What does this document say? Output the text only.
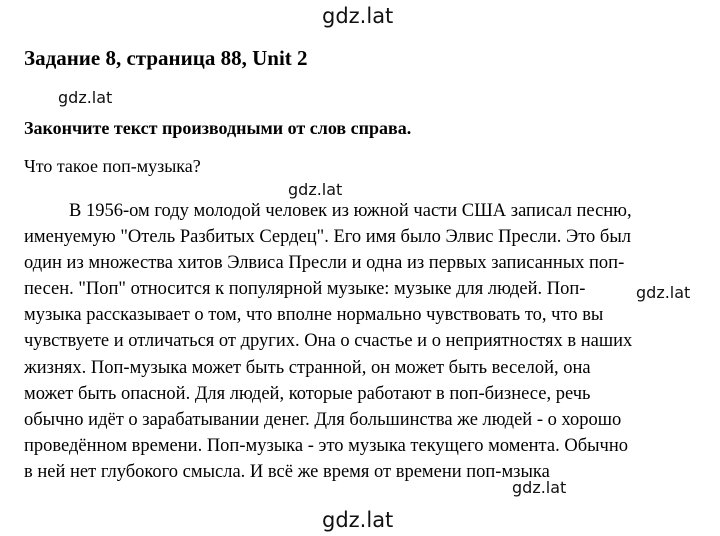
gdz.lat
Задание 8, страница 88, Unit 2
gdz.lat
Закончите текст производными от слов справа.
Что такое поп-музыка?
gdz.lat
В 1956-ом году молодой человек из южной части США записал песню,
именуемую "Отель Разбитых Сердец". Его имя было Элвис Пресли. Это был
один из множества хитов Элвиса Пресли и одна из первых записанных поп-
песен. "Поп" относится к популярной музыке: музыке для людей. Поп-
музыка рассказывает о том, что вполне нормально чувствовать то, что вы
чувствуете и отличаться от других. Она о счастье и о неприятностях в наших
жизнях. Поп-музыка может быть странной, он может быть веселой, она
может быть опасной. Для людей, которые работают в поп-бизнесе, речь
обычно идёт о зарабатывании денег. Для большинства же людей - о хорошо
проведённом времени. Поп-музыка - это музыка текущего момента. Обычно
в ней нет глубокого смысла. И всё же время от времени поп-мзыка
gdz.lat
gdz.lat
gdz.lat
